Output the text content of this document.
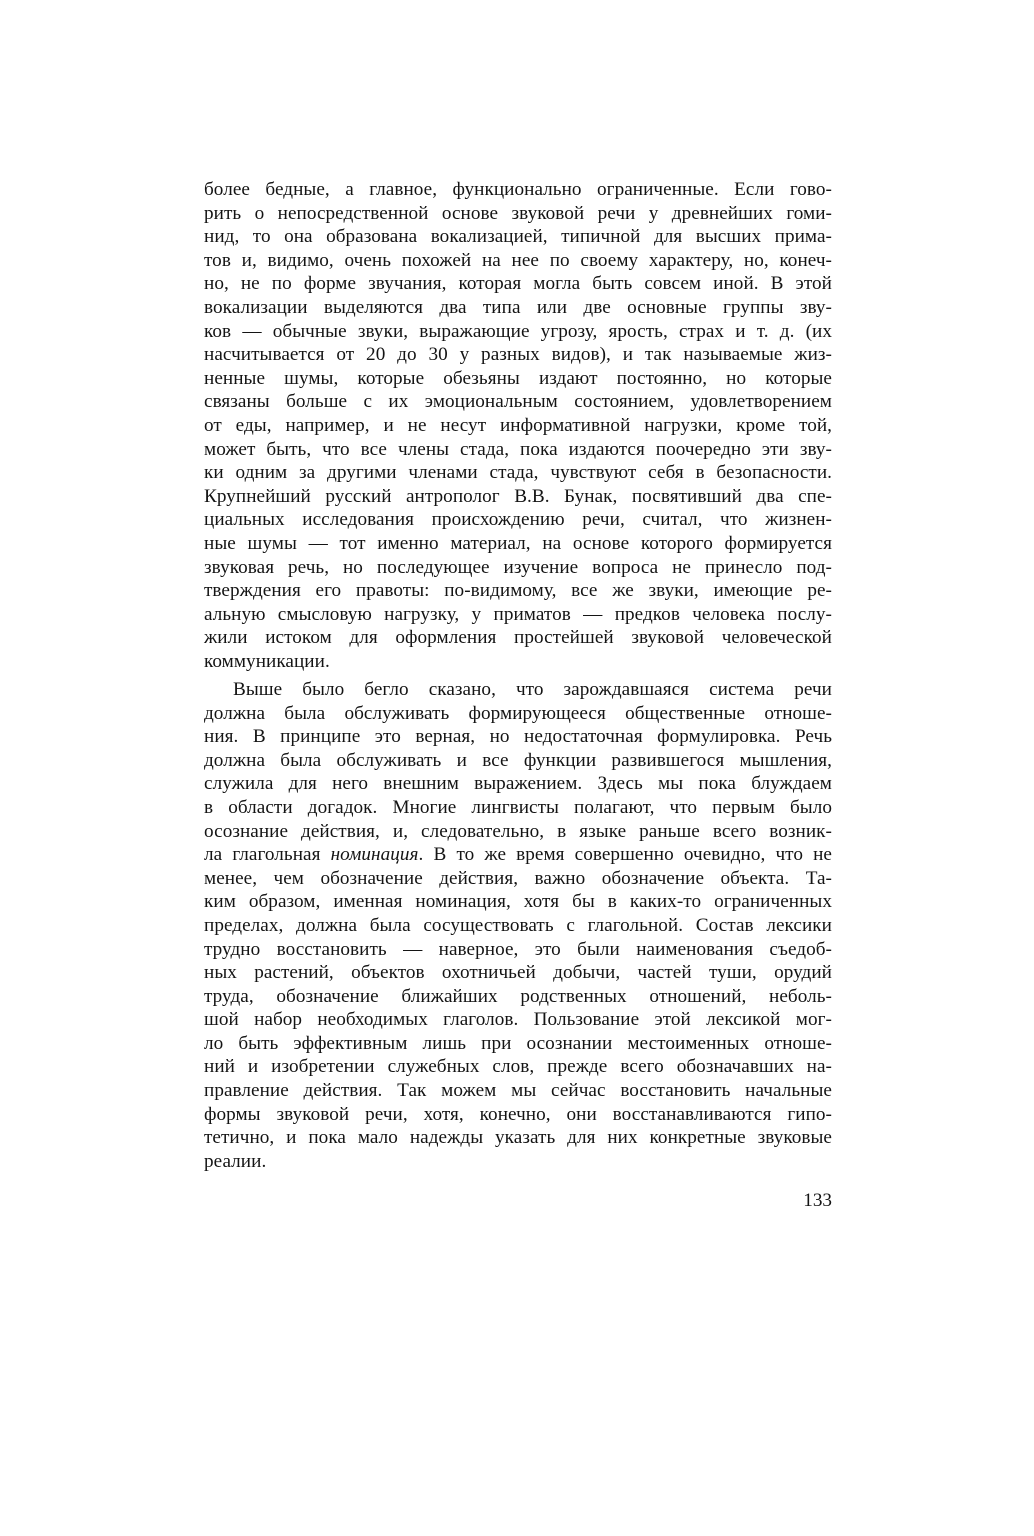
более бедные, а главное, функционально ограниченные. Если гово-
рить о непосредственной основе звуковой речи у древнейших гоми-
нид, то она образована вокализацией, типичной для высших прима-
тов и, видимо, очень похожей на нее по своему характеру, но, конеч-
но, не по форме звучания, которая могла быть совсем иной. В этой
вокализации выделяются два типа или две основные группы зву-
ков — обычные звуки, выражающие угрозу, ярость, страх и т. д. (их
насчитывается от 20 до 30 у разных видов), и так называемые жиз-
ненные шумы, которые обезьяны издают постоянно, но которые
связаны больше с их эмоциональным состоянием, удовлетворением
от еды, например, и не несут информативной нагрузки, кроме той,
может быть, что все члены стада, пока издаются поочередно эти зву-
ки одним за другими членами стада, чувствуют себя в безопасности.
Крупнейший русский антрополог В.В. Бунак, посвятивший два спе-
циальных исследования происхождению речи, считал, что жизнен-
ные шумы — тот именно материал, на основе которого формируется
звуковая речь, но последующее изучение вопроса не принесло под-
тверждения его правоты: по-видимому, все же звуки, имеющие ре-
альную смысловую нагрузку, у приматов — предков человека послу-
жили истоком для оформления простейшей звуковой человеческой
коммуникации.
Выше было бегло сказано, что зарождавшаяся система речи
должна была обслуживать формирующееся общественные отноше-
ния. В принципе это верная, но недостаточная формулировка. Речь
должна была обслуживать и все функции развившегося мышления,
служила для него внешним выражением. Здесь мы пока блуждаем
в области догадок. Многие лингвисты полагают, что первым было
осознание действия, и, следовательно, в языке раньше всего возник-
ла глагольная номинация. В то же время совершенно очевидно, что не
менее, чем обозначение действия, важно обозначение объекта. Та-
ким образом, именная номинация, хотя бы в каких-то ограниченных
пределах, должна была сосуществовать с глагольной. Состав лексики
трудно восстановить — наверное, это были наименования съедоб-
ных растений, объектов охотничьей добычи, частей туши, орудий
труда, обозначение ближайших родственных отношений, неболь-
шой набор необходимых глаголов. Пользование этой лексикой мог-
ло быть эффективным лишь при осознании местоименных отноше-
ний и изобретении служебных слов, прежде всего обозначавших на-
правление действия. Так можем мы сейчас восстановить начальные
формы звуковой речи, хотя, конечно, они восстанавливаются гипо-
тетично, и пока мало надежды указать для них конкретные звуковые
реалии.
133
